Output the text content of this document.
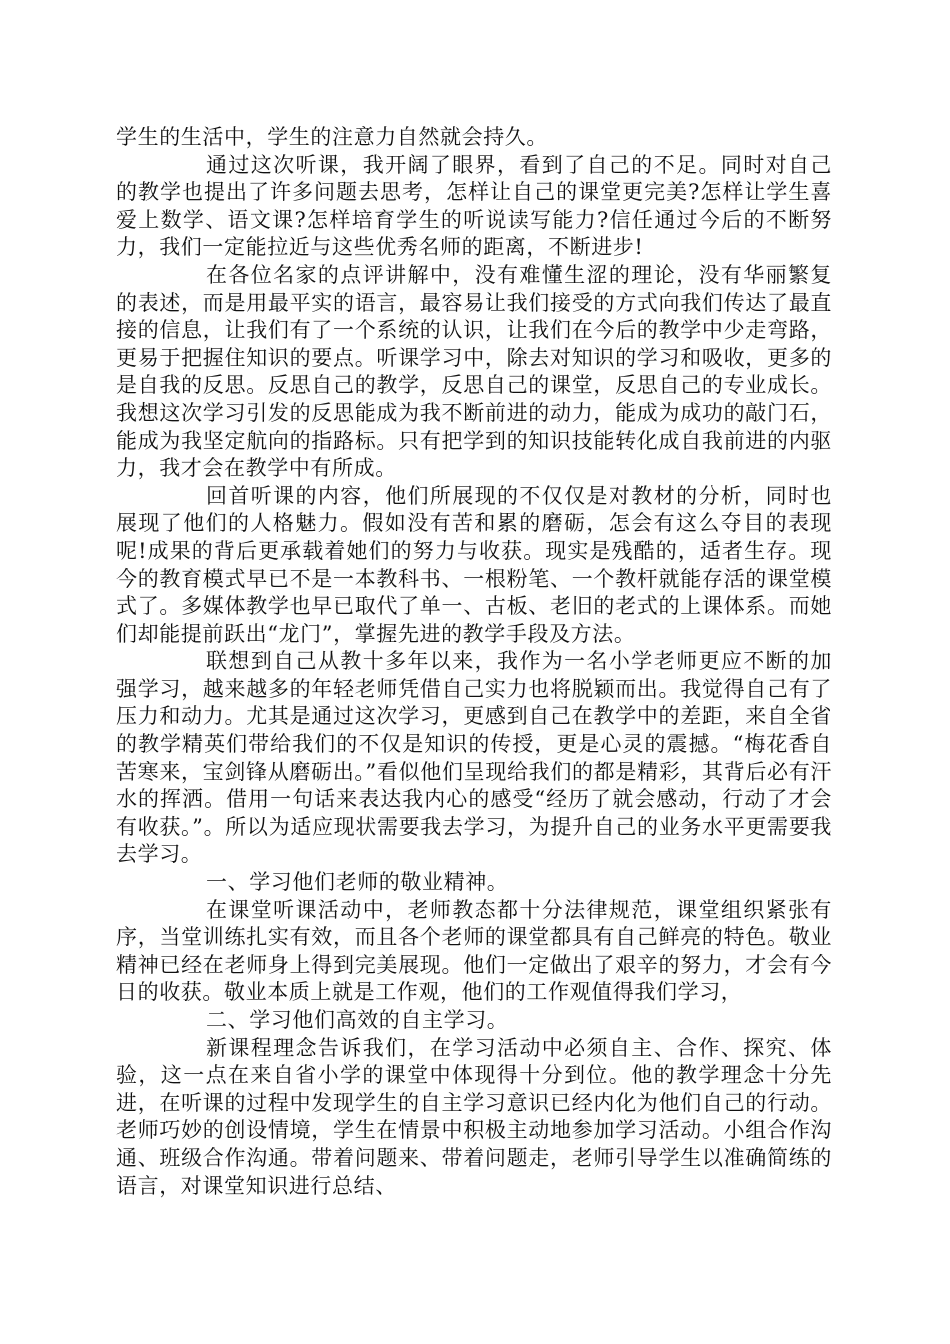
学生的生活中，学生的注意力自然就会持久。

通过这次听课，我开阔了眼界，看到了自己的不足。同时对自己的教学也提出了许多问题去思考，怎样让自己的课堂更完美?怎样让学生喜爱上数学、语文课?怎样培育学生的听说读写能力?信任通过今后的不断努力，我们一定能拉近与这些优秀名师的距离，不断进步!

在各位名家的点评讲解中，没有难懂生涩的理论，没有华丽繁复的表述，而是用最平实的语言，最容易让我们接受的方式向我们传达了最直接的信息，让我们有了一个系统的认识，让我们在今后的教学中少走弯路，更易于把握住知识的要点。听课学习中，除去对知识的学习和吸收，更多的是自我的反思。反思自己的教学，反思自己的课堂，反思自己的专业成长。我想这次学习引发的反思能成为我不断前进的动力，能成为成功的敲门石，能成为我坚定航向的指路标。只有把学到的知识技能转化成自我前进的内驱力，我才会在教学中有所成。

回首听课的内容，他们所展现的不仅仅是对教材的分析，同时也展现了他们的人格魅力。假如没有苦和累的磨砺，怎会有这么夺目的表现呢!成果的背后更承载着她们的努力与收获。现实是残酷的，适者生存。现今的教育模式早已不是一本教科书、一根粉笔、一个教杆就能存活的课堂模式了。多媒体教学也早已取代了单一、古板、老旧的老式的上课体系。而她们却能提前跃出“龙门”，掌握先进的教学手段及方法。

联想到自己从教十多年以来，我作为一名小学老师更应不断的加强学习，越来越多的年轻老师凭借自己实力也将脱颖而出。我觉得自己有了压力和动力。尤其是通过这次学习，更感到自己在教学中的差距，来自全省的教学精英们带给我们的不仅是知识的传授，更是心灵的震撼。“梅花香自苦寒来，宝剑锋从磨砺出。”看似他们呈现给我们的都是精彩，其背后必有汗水的挥洒。借用一句话来表达我内心的感受“经历了就会感动，行动了才会有收获。”。所以为适应现状需要我去学习，为提升自己的业务水平更需要我去学习。

一、学习他们老师的敬业精神。

在课堂听课活动中，老师教态都十分法律规范，课堂组织紧张有序，当堂训练扎实有效，而且各个老师的课堂都具有自己鲜亮的特色。敬业精神已经在老师身上得到完美展现。他们一定做出了艰辛的努力，才会有今日的收获。敬业本质上就是工作观，他们的工作观值得我们学习，

二、学习他们高效的自主学习。

新课程理念告诉我们，在学习活动中必须自主、合作、探究、体验，这一点在来自省小学的课堂中体现得十分到位。他的教学理念十分先进，在听课的过程中发现学生的自主学习意识已经内化为他们自己的行动。老师巧妙的创设情境，学生在情景中积极主动地参加学习活动。小组合作沟通、班级合作沟通。带着问题来、带着问题走，老师引导学生以准确简练的语言，对课堂知识进行总结、
